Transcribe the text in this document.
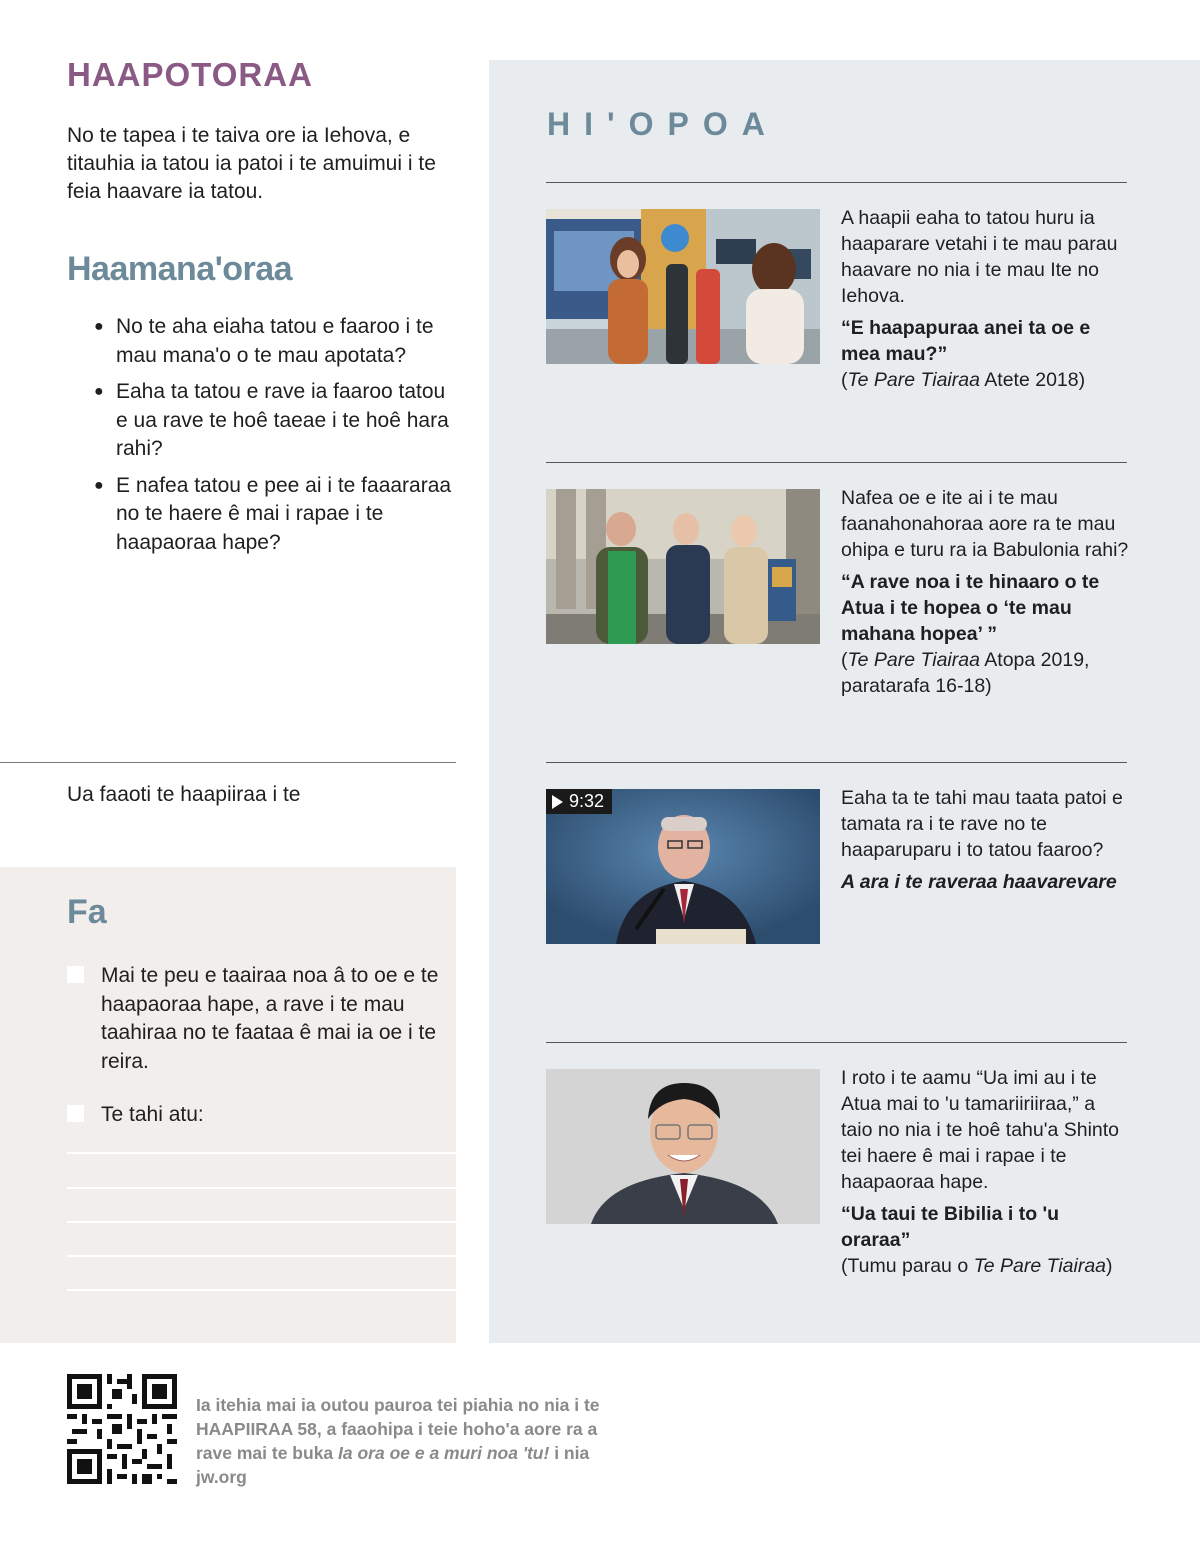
HAAPOTORAA

No te tapea i te taiva ore ia Iehova, e titauhia ia tatou ia patoi i te amuimui i te feia haavare ia tatou.

Haamana'oraa
● No te aha eiaha tatou e faaroo i te mau mana'o o te mau apotata?
● Eaha ta tatou e rave ia faaroo tatou e ua rave te hoê taeae i te hoê hara rahi?
● E nafea tatou e pee ai i te faaararaa no te haere ê mai i rapae i te haapaoraa hape?

Ua faaoti te haapiiraa i te

Fa
Mai te peu e taairaa noa â to oe e te haapaoraa hape, a rave i te mau taahiraa no te faataa ê mai ia oe i te reira.
Te tahi atu:
HI'OPOA

A haapii eaha to tatou huru ia haaparare vetahi i te mau parau haavare no nia i te mau Ite no Iehova.

“E haapapuraa anei ta oe e mea mau?”

(Te Pare Tiairaa Atete 2018)

Nafea oe e ite ai i te mau faanahonahoraa aore ra te mau ohipa e turu ra ia Babulonia rahi?

“A rave noa i te hinaaro o te Atua i te hopea o ‘te mau mahana hopea’ ”

(Te Pare Tiairaa Atopa 2019, paratarafa 16-18)

9:32	Eaha ta te tahi mau taata patoi e tamata ra i te rave no te haaparuparu i to tatou faaroo?

A ara i te raveraa haavarevare

I roto i te aamu “Ua imi au i te Atua mai to 'u tamariiriiraa,” a taio no nia i te hoê tahu'a Shinto tei haere ê mai i rapae i te haapaoraa hape.

“Ua taui te Bibilia i to 'u oraraa”

(Tumu parau o Te Pare Tiairaa)

Ia itehia mai ia outou pauroa tei piahia no nia i te HAAPIIRAA 58, a faaohipa i teie hoho'a aore ra a rave mai te buka Ia ora oe e a muri noa 'tu! i nia jw.org
